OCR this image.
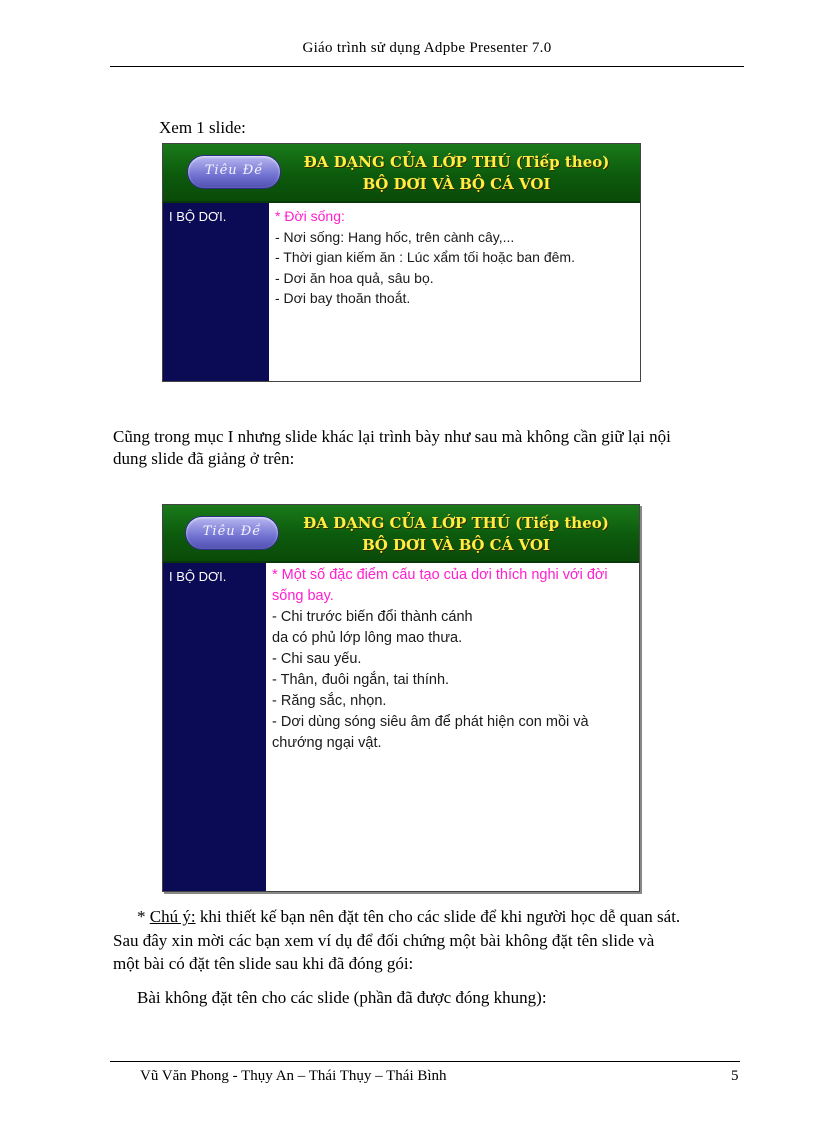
Giáo trình sử dụng Adpbe Presenter 7.0
Xem 1 slide:
Tiêu Đề	ĐA DẠNG CỦA LỚP THÚ (Tiếp theo)
BỘ DƠI VÀ BỘ CÁ VOI
I BỘ DƠI.	* Đời sống:
- Nơi sống: Hang hốc, trên cành cây,...
- Thời gian kiếm ăn : Lúc xẩm tối hoặc ban đêm.
- Dơi ăn hoa quả, sâu bọ.
- Dơi bay thoăn thoắt.
Cũng trong mục I nhưng slide khác lại trình bày như sau mà không cần giữ lại nội
dung slide đã giảng ở trên:
Tiêu Đề	ĐA DẠNG CỦA LỚP THÚ (Tiếp theo)
BỘ DƠI VÀ BỘ CÁ VOI
I BỘ DƠI.	* Một số đặc điểm cấu tạo của dơi thích nghi với đời
sống bay.
- Chi trước biến đổi thành cánh
da có phủ lớp lông mao thưa.
- Chi sau yếu.
- Thân, đuôi ngắn, tai thính.
- Răng sắc, nhọn.
- Dơi dùng sóng siêu âm để phát hiện con mồi và
chướng ngại vật.
* Chú ý: khi thiết kế bạn nên đặt tên cho các slide để khi người học dễ quan sát.
Sau đây xin mời các bạn xem ví dụ để đối chứng một bài không đặt tên slide và
một bài có đặt tên slide sau khi đã đóng gói:
Bài không đặt tên cho các slide (phần đã được đóng khung):
Vũ Văn Phong - Thụy An – Thái Thụy – Thái Bình	5
